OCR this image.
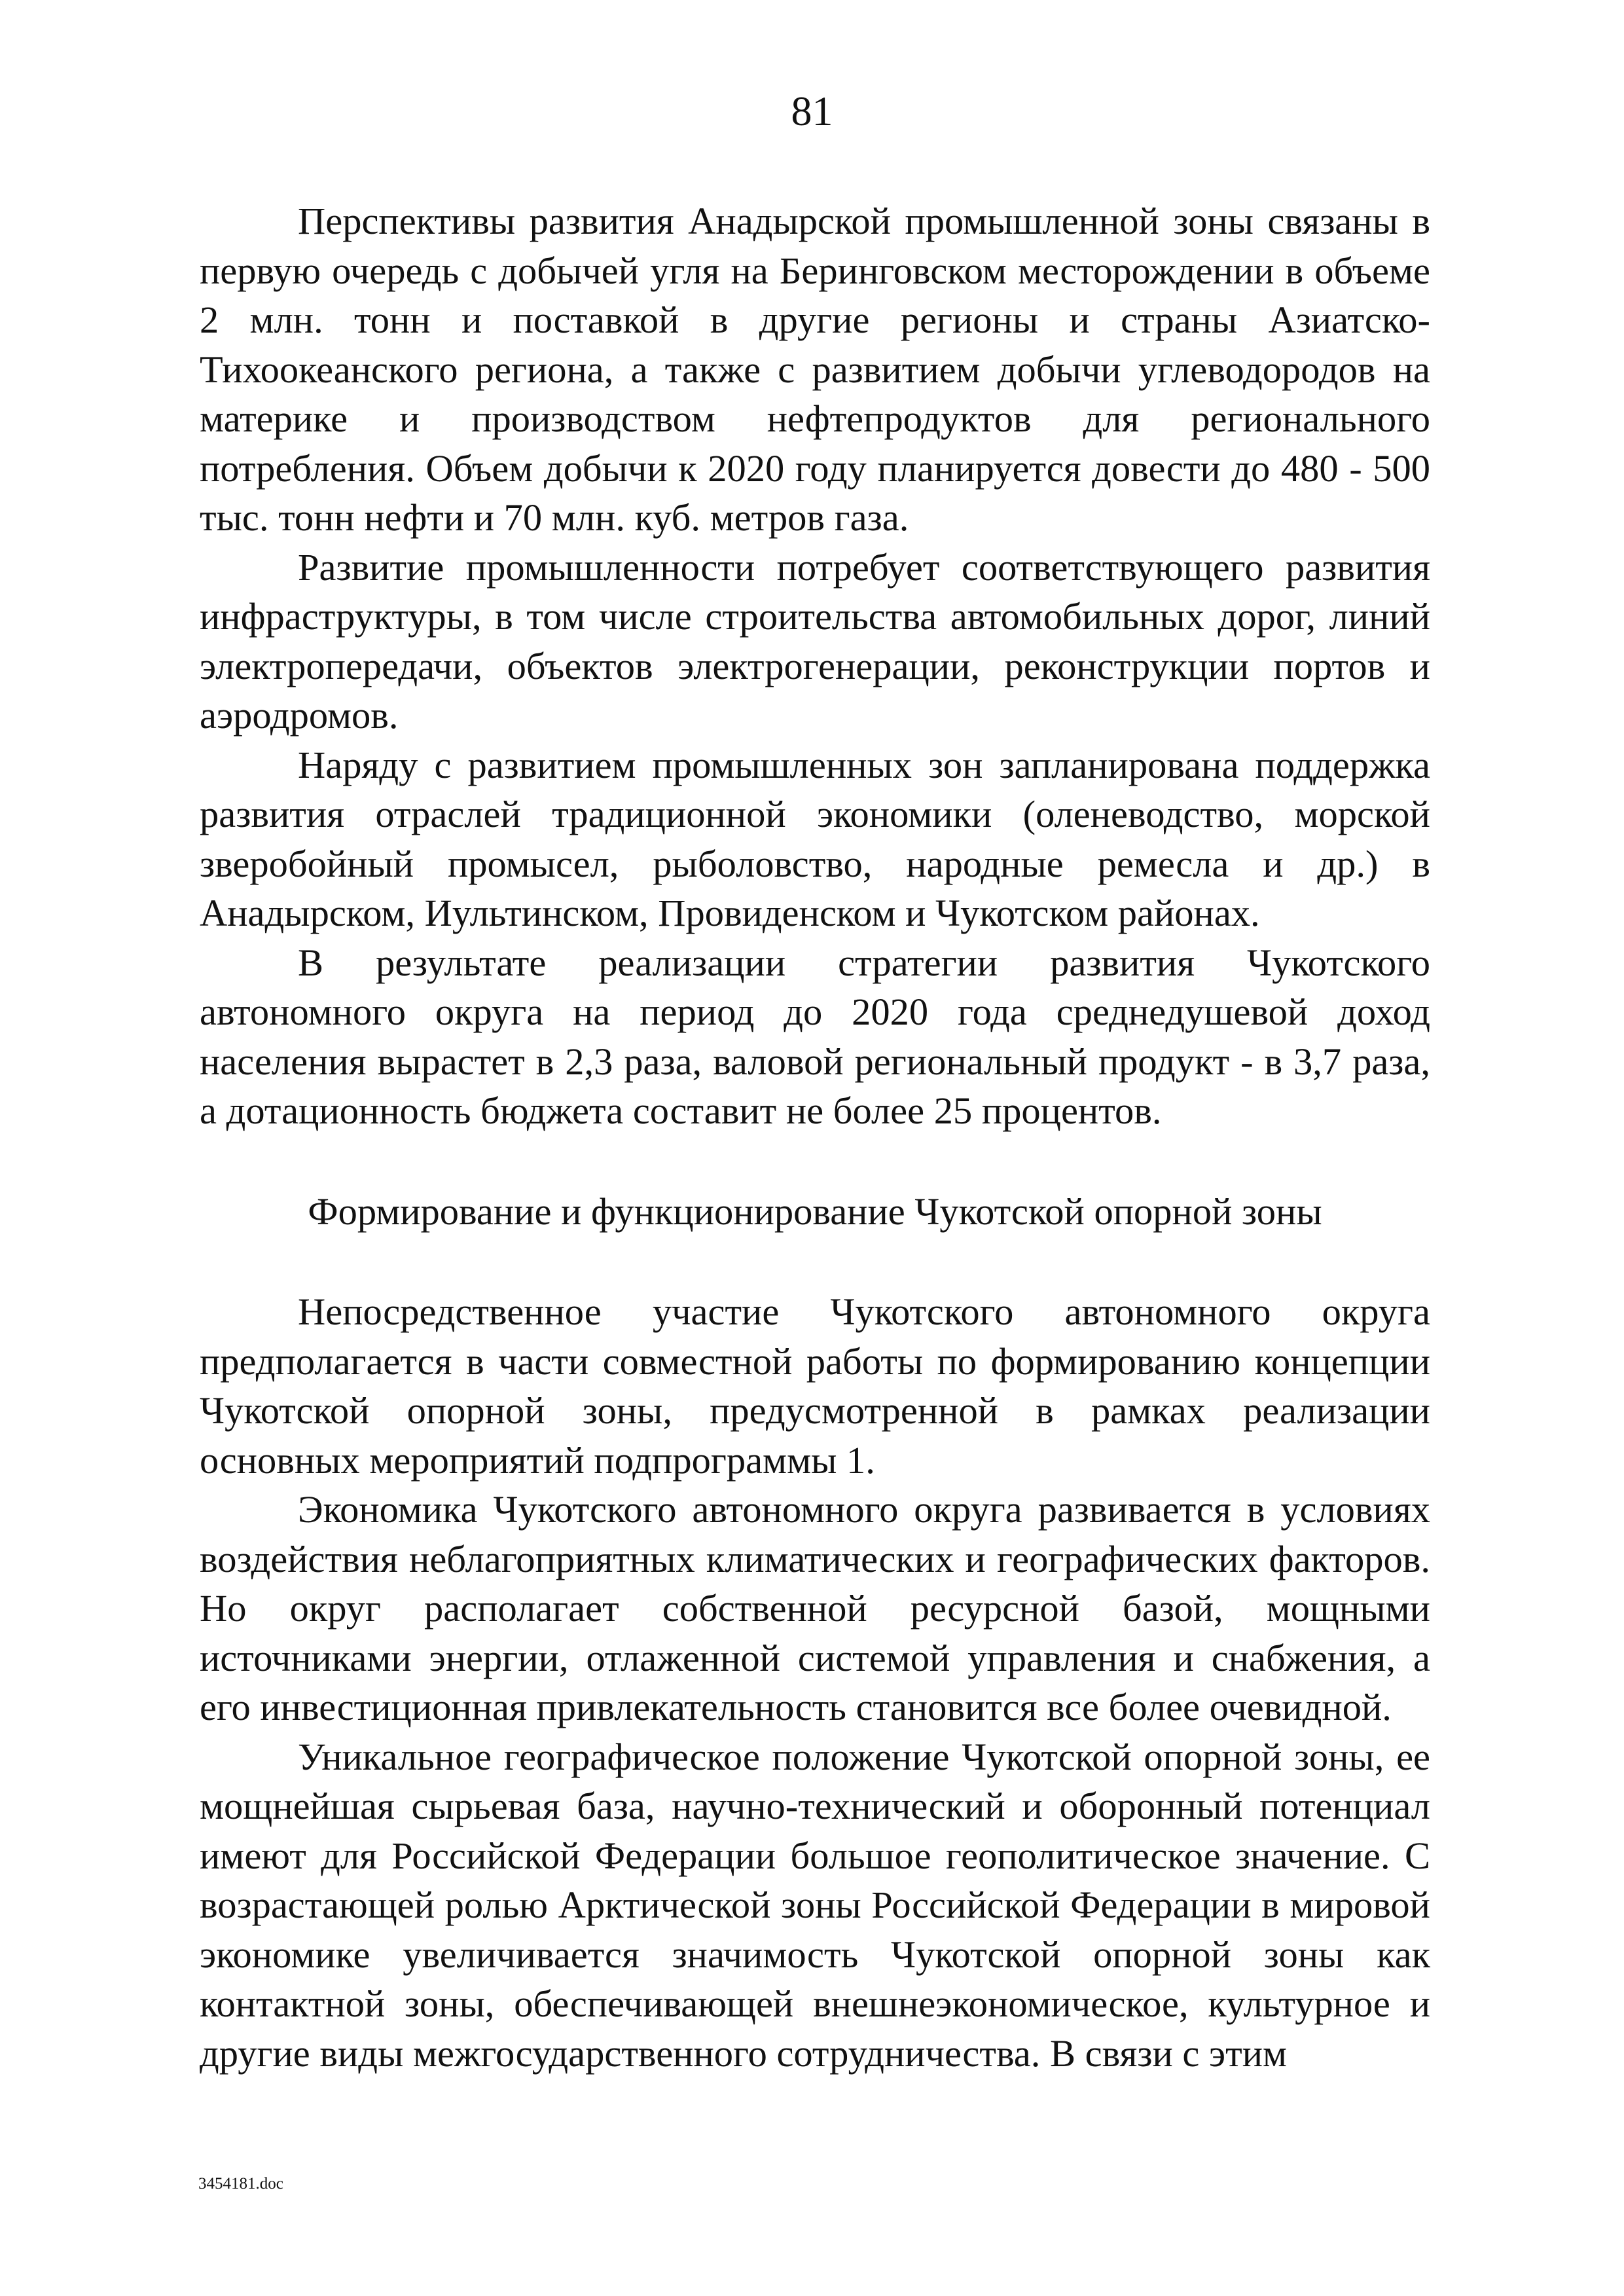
81

Перспективы развития Анадырской промышленной зоны связаны в первую очередь с добычей угля на Беринговском месторождении в объеме 2 млн. тонн и поставкой в другие регионы и страны Азиатско-Тихоокеанского региона, а также с развитием добычи углеводородов на материке и производством нефтепродуктов для регионального потребления. Объем добычи к 2020 году планируется довести до 480 - 500 тыс. тонн нефти и 70 млн. куб. метров газа.

Развитие промышленности потребует соответствующего развития инфраструктуры, в том числе строительства автомобильных дорог, линий электропередачи, объектов электрогенерации, реконструкции портов и аэродромов.

Наряду с развитием промышленных зон запланирована поддержка развития отраслей традиционной экономики (оленеводство, морской зверобойный промысел, рыболовство, народные ремесла и др.) в Анадырском, Иультинском, Провиденском и Чукотском районах.

В результате реализации стратегии развития Чукотского автономного округа на период до 2020 года среднедушевой доход населения вырастет в 2,3 раза, валовой региональный продукт - в 3,7 раза, а дотационность бюджета составит не более 25 процентов.

Формирование и функционирование Чукотской опорной зоны

Непосредственное участие Чукотского автономного округа предполагается в части совместной работы по формированию концепции Чукотской опорной зоны, предусмотренной в рамках реализации основных мероприятий подпрограммы 1.

Экономика Чукотского автономного округа развивается в условиях воздействия неблагоприятных климатических и географических факторов. Но округ располагает собственной ресурсной базой, мощными источниками энергии, отлаженной системой управления и снабжения, а его инвестиционная привлекательность становится все более очевидной.

Уникальное географическое положение Чукотской опорной зоны, ее мощнейшая сырьевая база, научно-технический и оборонный потенциал имеют для Российской Федерации большое геополитическое значение. С возрастающей ролью Арктической зоны Российской Федерации в мировой экономике увеличивается значимость Чукотской опорной зоны как контактной зоны, обеспечивающей внешнеэкономическое, культурное и другие виды межгосударственного сотрудничества. В связи с этим

3454181.doc
